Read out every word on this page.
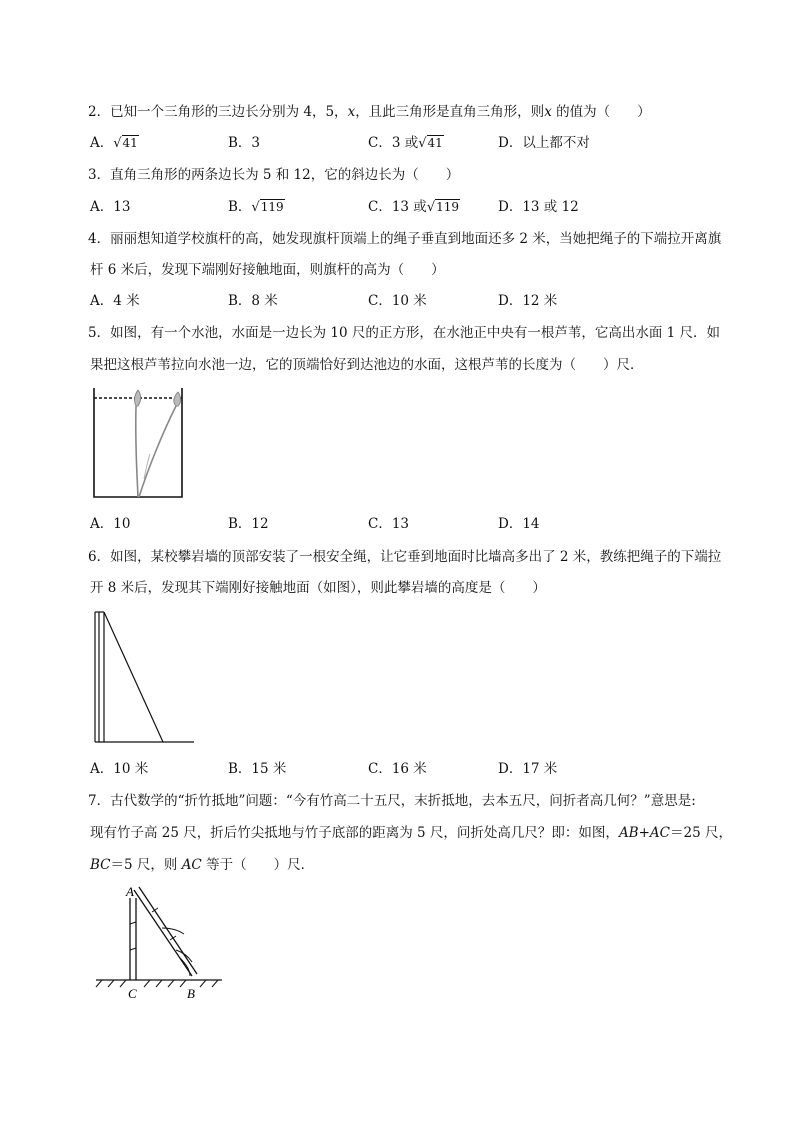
2．已知一个三角形的三边长分别为 4，5，x，且此三角形是直角三角形，则x 的值为（　　）
A．√41	B．3	C．3 或√41	D．以上都不对
3．直角三角形的两条边长为 5 和 12，它的斜边长为（　　）
A．13	B．√119	C．13 或√119	D．13 或 12
4．丽丽想知道学校旗杆的高，她发现旗杆顶端上的绳子垂直到地面还多 2 米，当她把绳子的下端拉开离旗
杆 6 米后，发现下端刚好接触地面，则旗杆的高为（　　）
A．4 米	B．8 米	C．10 米	D．12 米
5．如图，有一个水池，水面是一边长为 10 尺的正方形，在水池正中央有一根芦苇，它高出水面 1 尺．如
果把这根芦苇拉向水池一边，它的顶端恰好到达池边的水面，这根芦苇的长度为（　　）尺．
A．10	B．12	C．13	D．14
6．如图，某校攀岩墙的顶部安装了一根安全绳，让它垂到地面时比墙高多出了 2 米，教练把绳子的下端拉
开 8 米后，发现其下端刚好接触地面（如图），则此攀岩墙的高度是（　　）
A．10 米	B．15 米	C．16 米	D．17 米
7．古代数学的“折竹抵地”问题：“今有竹高二十五尺，末折抵地，去本五尺，问折者高几何？”意思是:
现有竹子高 25 尺，折后竹尖抵地与竹子底部的距离为 5 尺，问折处高几尺？即：如图，AB+AC＝25 尺，
BC＝5 尺，则 AC 等于（　　）尺．
A
C	B
